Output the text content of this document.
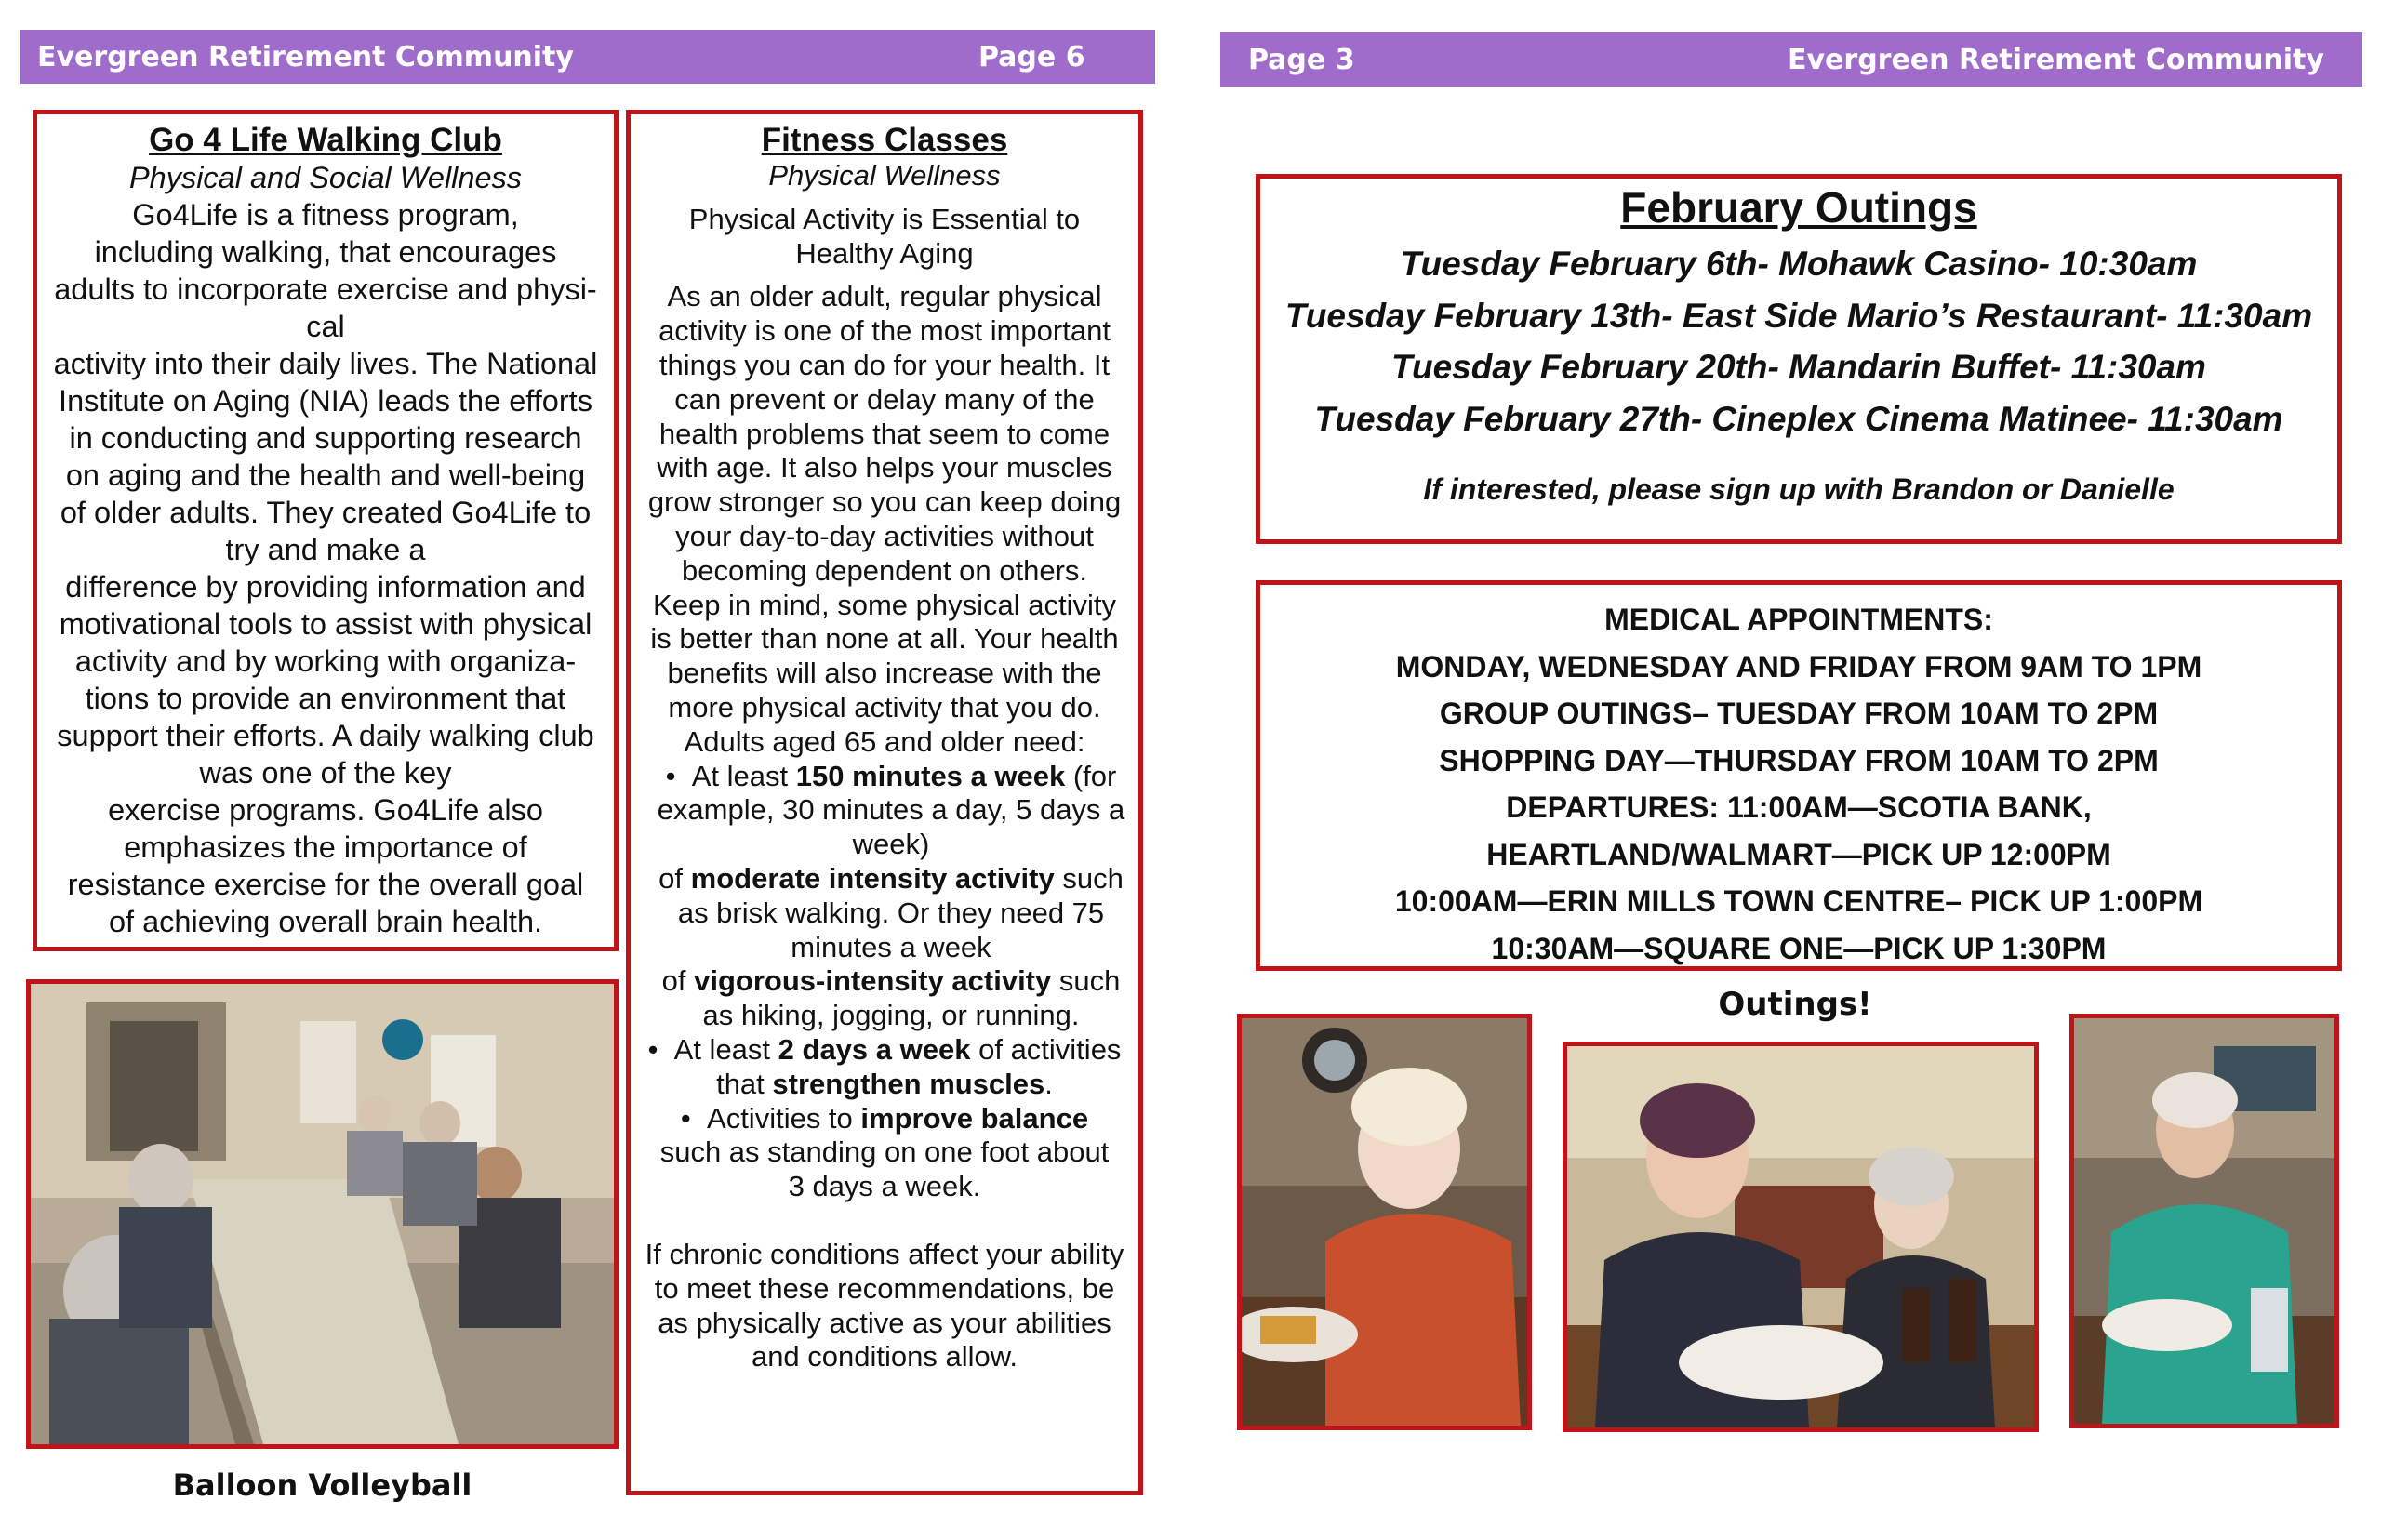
Evergreen Retirement Community	Page 6
Go 4 Life Walking Club
Physical and Social Wellness
Go4Life is a fitness program,
including walking, that encourages
adults to incorporate exercise and physi-
cal
activity into their daily lives. The National
Institute on Aging (NIA) leads the efforts
in conducting and supporting research
on aging and the health and well-being
of older adults. They created Go4Life to
try and make a
difference by providing information and
motivational tools to assist with physical
activity and by working with organiza-
tions to provide an environment that
support their efforts. A daily walking club
was one of the key
exercise programs. Go4Life also
emphasizes the importance of
resistance exercise for the overall goal
of achieving overall brain health.
Balloon Volleyball
Fitness Classes
Physical Wellness

Physical Activity is Essential to Healthy Aging

As an older adult, regular physical activity is one of the most important things you can do for your health. It can prevent or delay many of the health problems that seem to come with age. It also helps your muscles grow stronger so you can keep doing your day-to-day activities without becoming dependent on others.

Keep in mind, some physical activity is better than none at all. Your health benefits will also increase with the more physical activity that you do.

Adults aged 65 and older need:

•  At least 150 minutes a week (for example, 30 minutes a day, 5 days a week)
of moderate intensity activity such as brisk walking. Or they need 75 minutes a week
of vigorous-intensity activity such as hiking, jogging, or running.
•  At least 2 days a week of activities that strengthen muscles.
•  Activities to improve balance such as standing on one foot about 3 days a week.

If chronic conditions affect your ability to meet these recommendations, be as physically active as your abilities and conditions allow.

Page 3	Evergreen Retirement Community
February Outings
Tuesday February 6th- Mohawk Casino- 10:30am
Tuesday February 13th- East Side Mario’s Restaurant- 11:30am
Tuesday February 20th- Mandarin Buffet- 11:30am
Tuesday February 27th- Cineplex Cinema Matinee- 11:30am
If interested, please sign up with Brandon or Danielle
MEDICAL APPOINTMENTS:
MONDAY, WEDNESDAY AND FRIDAY FROM 9AM TO 1PM
GROUP OUTINGS– TUESDAY FROM 10AM TO 2PM
SHOPPING DAY—THURSDAY FROM 10AM TO 2PM
DEPARTURES: 11:00AM—SCOTIA BANK,
HEARTLAND/WALMART—PICK UP 12:00PM
10:00AM—ERIN MILLS TOWN CENTRE– PICK UP 1:00PM
10:30AM—SQUARE ONE—PICK UP 1:30PM
Outings!
